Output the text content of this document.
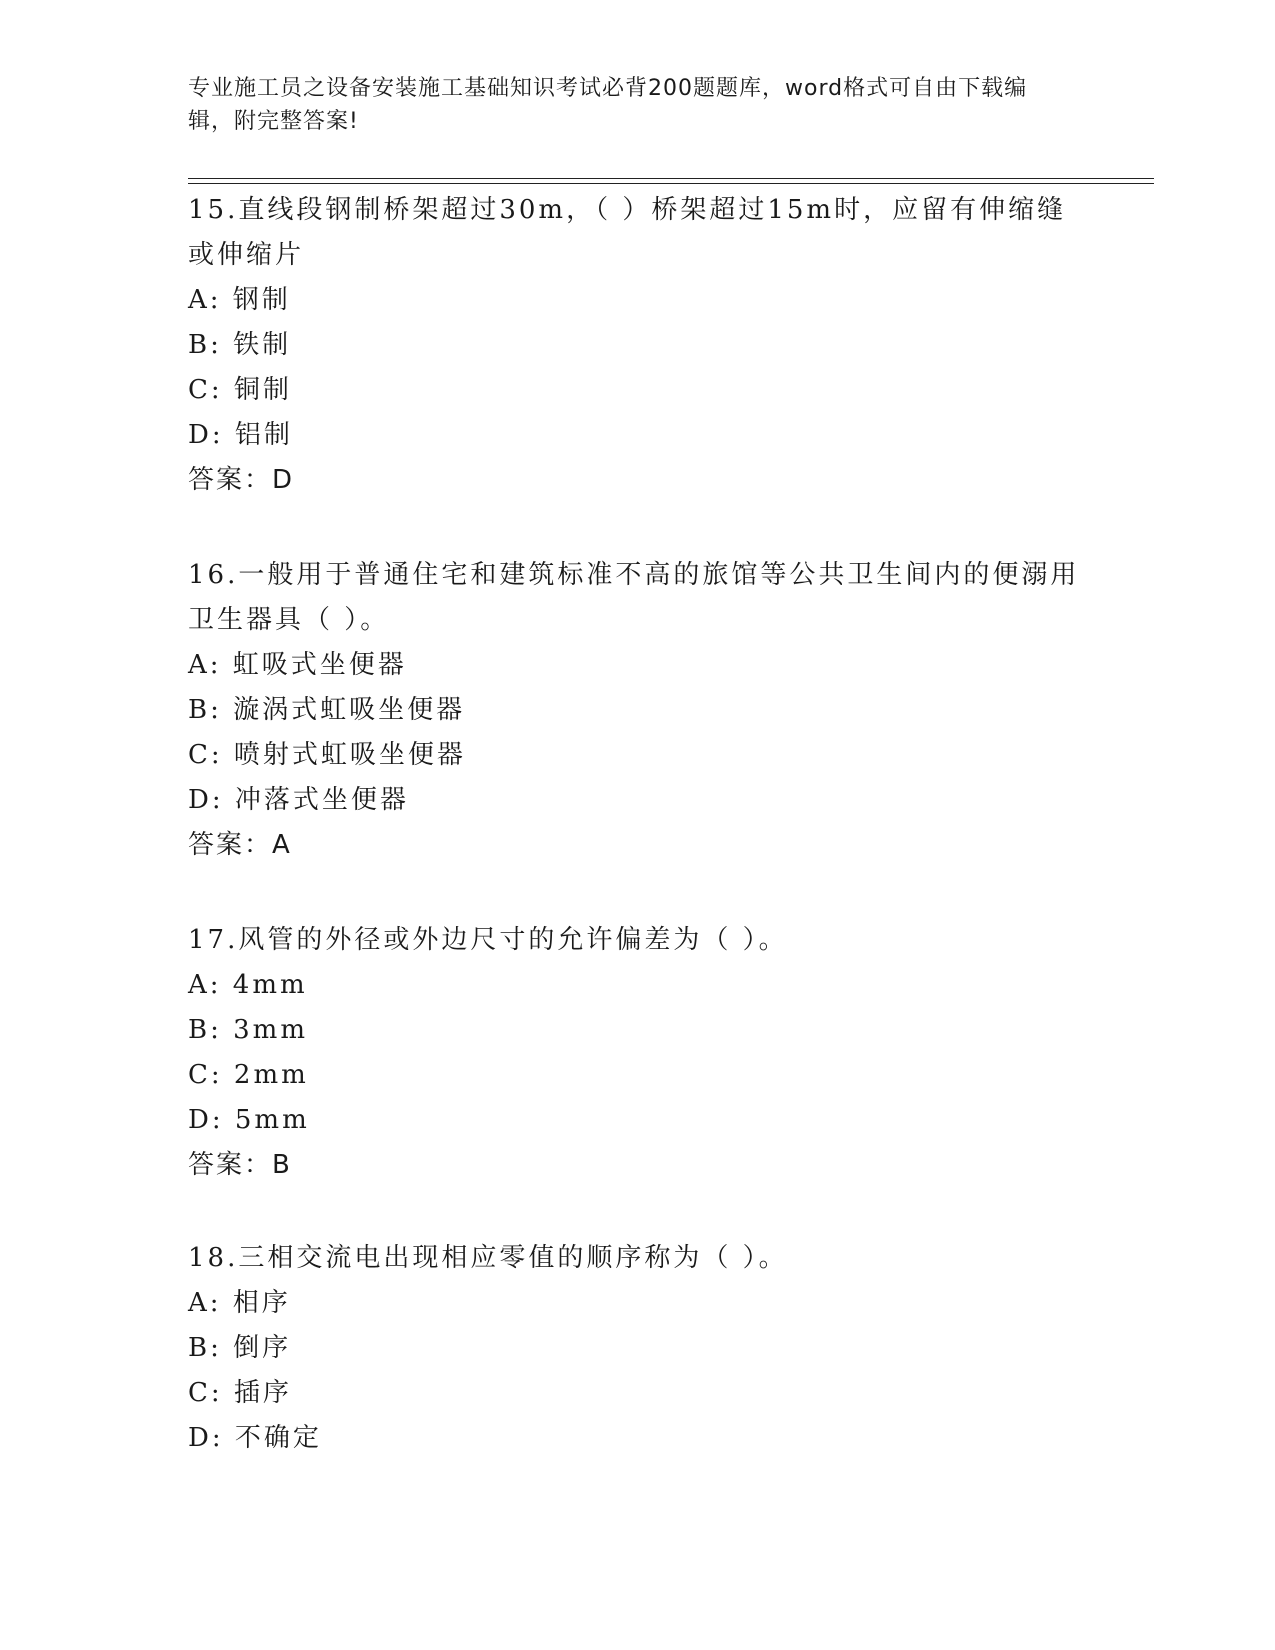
专业施工员之设备安装施工基础知识考试必背200题题库，word格式可自由下载编辑，附完整答案!

15.直线段钢制桥架超过30m，（ ）桥架超过15m时，应留有伸缩缝或伸缩片

A: 钢制

B: 铁制

C: 铜制

D: 铝制

答案：D

16.一般用于普通住宅和建筑标准不高的旅馆等公共卫生间内的便溺用卫生器具（ ）。

A: 虹吸式坐便器

B: 漩涡式虹吸坐便器

C: 喷射式虹吸坐便器

D: 冲落式坐便器

答案：A

17.风管的外径或外边尺寸的允许偏差为（ ）。

A: 4mm

B: 3mm

C: 2mm

D: 5mm

答案：B

18.三相交流电出现相应零值的顺序称为（ ）。

A: 相序

B: 倒序

C: 插序

D: 不确定
